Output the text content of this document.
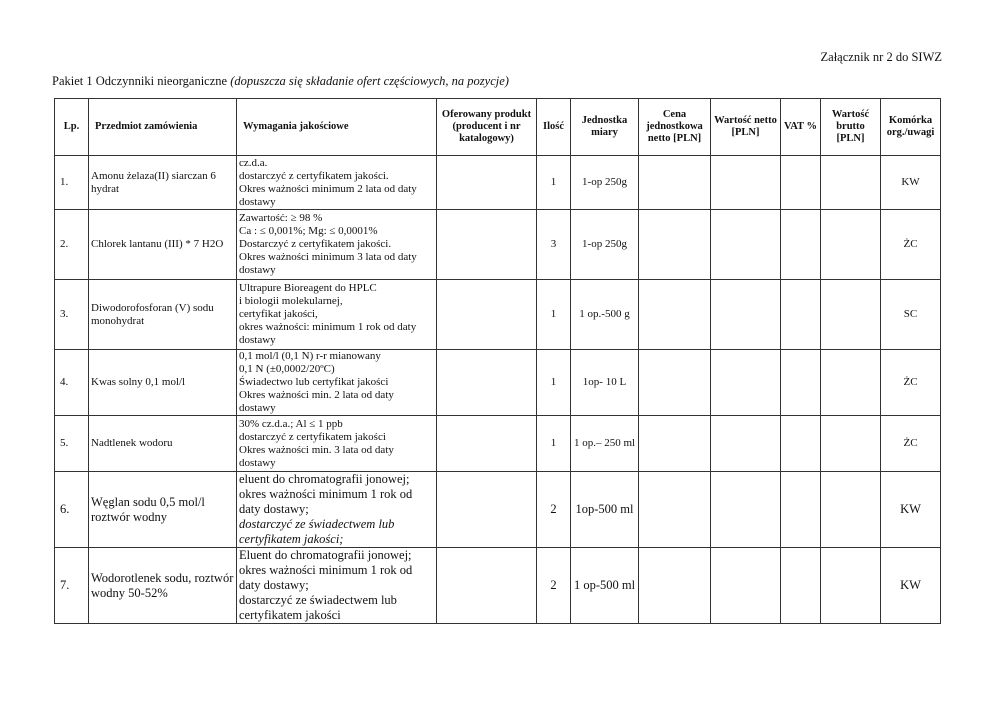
Załącznik nr 2 do SIWZ
Pakiet 1 Odczynniki nieorganiczne (dopuszcza się składanie ofert częściowych, na pozycje)
Lp.	Przedmiot zamówienia	Wymagania jakościowe	Oferowany produkt (producent i nr katalogowy)	Ilość	Jednostka miary	Cena jednostkowa netto [PLN]	Wartość netto [PLN]	VAT %	Wartość brutto [PLN]	Komórka org./uwagi
1.	Amonu żelaza(II) siarczan 6 hydrat	cz.d.a.
dostarczyć z certyfikatem jakości.
Okres ważności minimum 2 lata od daty
dostawy		1	1-op 250g					KW
2.	Chlorek lantanu (III) * 7 H2O	Zawartość: ≥ 98 %
Ca : ≤ 0,001%; Mg: ≤ 0,0001%
Dostarczyć z certyfikatem jakości.
Okres ważności minimum 3 lata od daty
dostawy		3	1-op 250g					ŻC
3.	Diwodorofosforan (V) sodu monohydrat	Ultrapure Bioreagent do HPLC
i biologii molekularnej,
certyfikat jakości,
okres ważności: minimum 1 rok od daty
dostawy		1	1 op.-500 g					SC
4.	Kwas solny 0,1 mol/l	0,1 mol/l (0,1 N) r-r mianowany
0,1 N (±0,0002/20ºC)
Świadectwo lub certyfikat jakości
Okres ważności min. 2 lata od daty
dostawy		1	1op- 10 L					ŻC
5.	Nadtlenek wodoru	30% cz.d.a.; Al ≤ 1 ppb
dostarczyć z certyfikatem jakości
Okres ważności min. 3 lata od daty
dostawy		1	1 op.– 250 ml					ŻC
6.	Węglan sodu 0,5 mol/l roztwór wodny	eluent do chromatografii jonowej;
okres ważności minimum 1 rok od
daty dostawy;
dostarczyć ze świadectwem lub
certyfikatem jakości;		2	1op-500 ml					KW
7.	Wodorotlenek sodu, roztwór wodny 50-52%	Eluent do chromatografii jonowej;
okres ważności minimum 1 rok od
daty dostawy;
dostarczyć ze świadectwem lub
certyfikatem jakości		2	1 op-500 ml					KW
